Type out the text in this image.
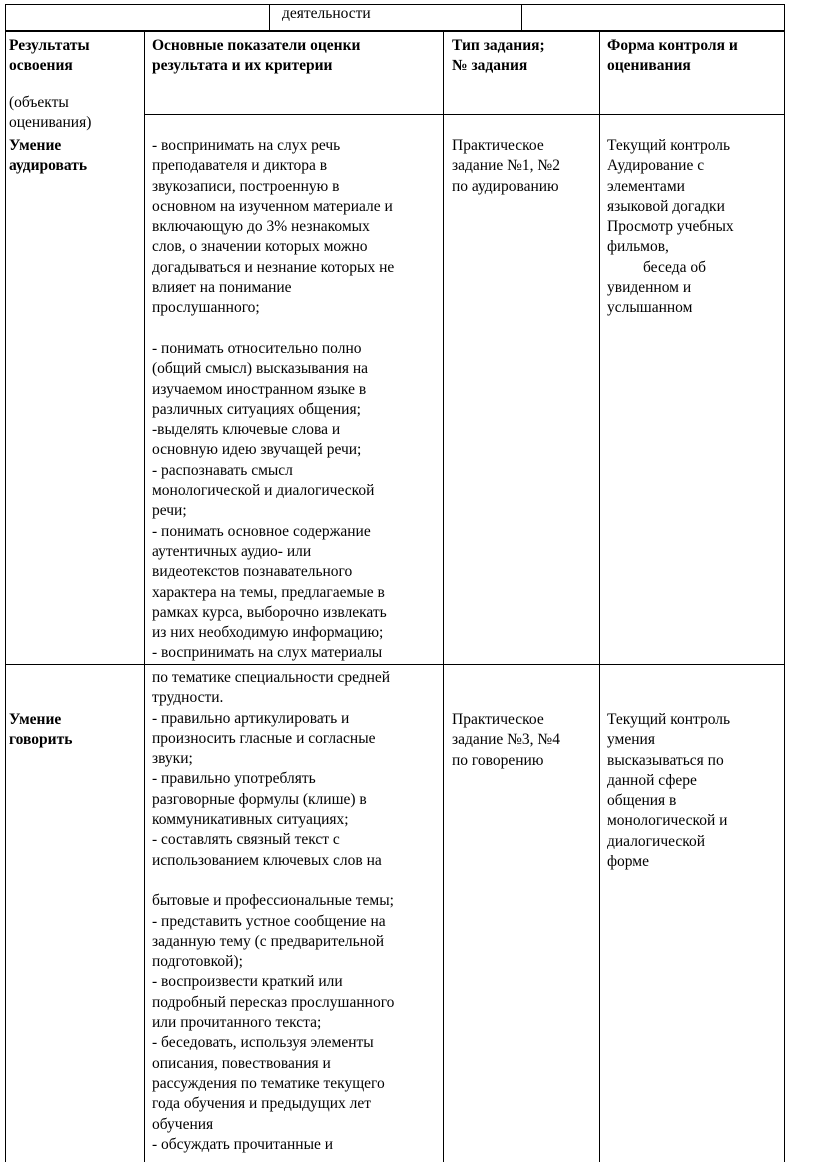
деятельности
Результаты
освоения
(объекты
оценивания)
Основные показатели оценки
результата и их критерии
Тип задания;
№ задания
Форма контроля и
оценивания
Умение
аудировать
- воспринимать на слух речь
преподавателя и диктора в
звукозаписи, построенную в
основном на изученном материале и
включающую до 3% незнакомых
слов, о значении которых можно
догадываться и незнание которых не
влияет на понимание
прослушанного;
- понимать относительно полно
(общий смысл) высказывания на
изучаемом иностранном языке в
различных ситуациях общения;
-выделять ключевые слова и
основную идею звучащей речи;
- распознавать смысл
монологической и диалогической
речи;
- понимать основное содержание
аутентичных аудио- или
видеотекстов познавательного
характера на темы, предлагаемые в
рамках курса, выборочно извлекать
из них необходимую информацию;
- воспринимать на слух материалы
Практическое
задание №1, №2
по аудированию
Текущий контроль
Аудирование с
элементами
языковой догадки
Просмотр учебных
фильмов,
беседа об
увиденном и
услышанном
Умение
говорить
по тематике специальности средней
трудности.
- правильно артикулировать и
произносить гласные и согласные
звуки;
- правильно употреблять
разговорные формулы (клише) в
коммуникативных ситуациях;
- составлять связный текст с
использованием ключевых слов на
бытовые и профессиональные темы;
- представить устное сообщение на
заданную тему (с предварительной
подготовкой);
- воспроизвести краткий или
подробный пересказ прослушанного
или прочитанного текста;
- беседовать, используя элементы
описания, повествования и
рассуждения по тематике текущего
года обучения и предыдущих лет
обучения
- обсуждать прочитанные и
Практическое
задание №3, №4
по говорению
Текущий контроль
умения
высказываться по
данной сфере
общения в
монологической и
диалогической
форме
